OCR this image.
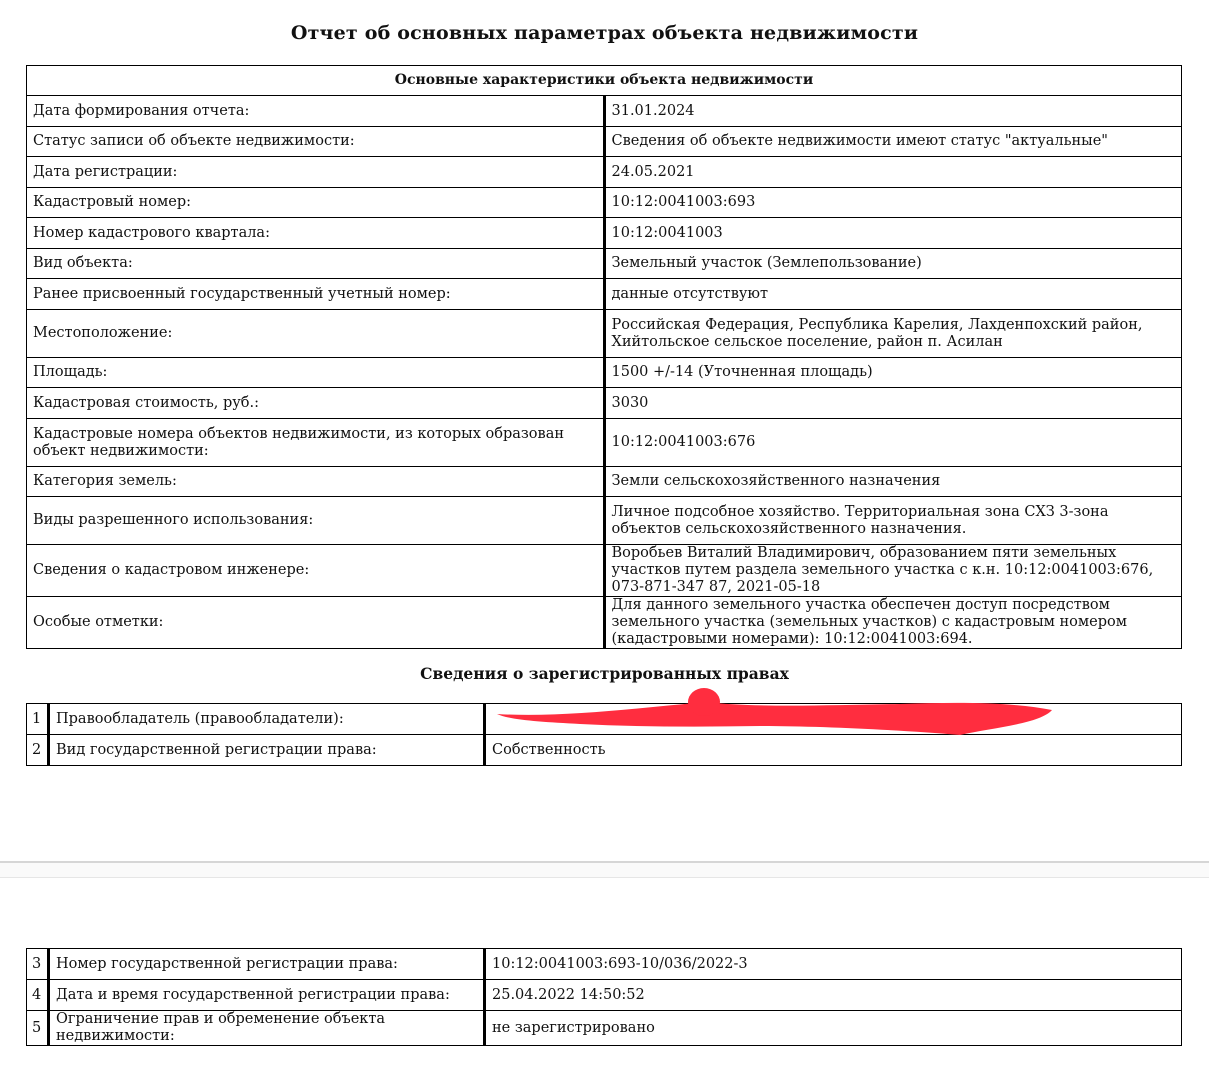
Отчет об основных параметрах объекта недвижимости
Основные характеристики объекта недвижимости	
Дата формирования отчета:	31.01.2024
Статус записи об объекте недвижимости:	Сведения об объекте недвижимости имеют статус "актуальные"
Дата регистрации:	24.05.2021
Кадастровый номер:	10:12:0041003:693
Номер кадастрового квартала:	10:12:0041003
Вид объекта:	Земельный участок (Землепользование)
Ранее присвоенный государственный учетный номер:	данные отсутствуют
Местоположение:	Российская Федерация, Республика Карелия, Лахденпохский район, Хийтольское сельское поселение, район п. Асилан
Площадь:	1500 +/-14 (Уточненная площадь)
Кадастровая стоимость, руб.:	3030
Кадастровые номера объектов недвижимости, из которых образован объект недвижимости:	10:12:0041003:676
Категория земель:	Земли сельскохозяйственного назначения
Виды разрешенного использования:	Личное подсобное хозяйство. Территориальная зона СХЗ 3-зона объектов сельскохозяйственного назначения.
Сведения о кадастровом инженере:	Воробьев Виталий Владимирович, образованием пяти земельных участков путем раздела земельного участка с к.н. 10:12:0041003:676, 073-871-347 87, 2021-05-18
Особые отметки:	Для данного земельного участка обеспечен доступ посредством земельного участка (земельных участков) с кадастровым номером (кадастровыми номерами): 10:12:0041003:694.
Сведения о зарегистрированных правах
1	Правообладатель (правообладатели):	
2	Вид государственной регистрации права:	Собственность
3	Номер государственной регистрации права:	10:12:0041003:693-10/036/2022-3
4	Дата и время государственной регистрации права:	25.04.2022 14:50:52
5	Ограничение прав и обременение объекта недвижимости:	не зарегистрировано
